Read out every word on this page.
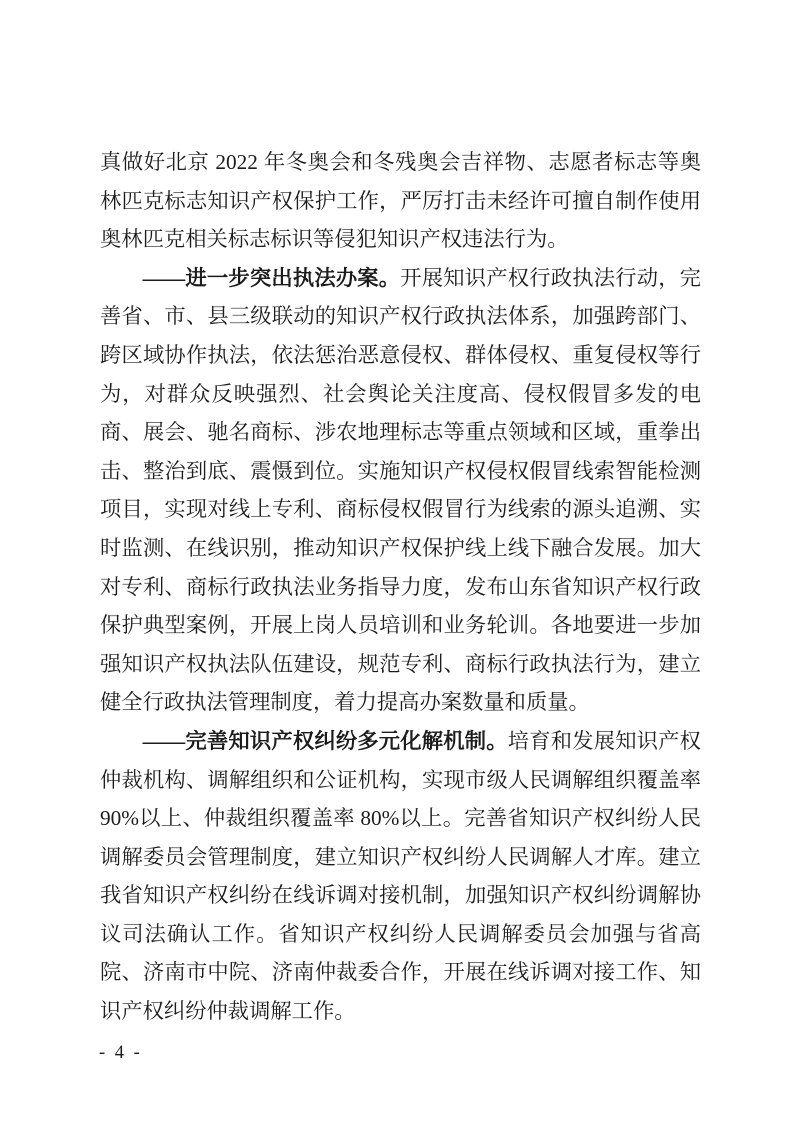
真做好北京 2022 年冬奥会和冬残奥会吉祥物、志愿者标志等奥林匹克标志知识产权保护工作，严厉打击未经许可擅自制作使用奥林匹克相关标志标识等侵犯知识产权违法行为。

——进一步突出执法办案。开展知识产权行政执法行动，完善省、市、县三级联动的知识产权行政执法体系，加强跨部门、跨区域协作执法，依法惩治恶意侵权、群体侵权、重复侵权等行为，对群众反映强烈、社会舆论关注度高、侵权假冒多发的电商、展会、驰名商标、涉农地理标志等重点领域和区域，重拳出击、整治到底、震慑到位。实施知识产权侵权假冒线索智能检测项目，实现对线上专利、商标侵权假冒行为线索的源头追溯、实时监测、在线识别，推动知识产权保护线上线下融合发展。加大对专利、商标行政执法业务指导力度，发布山东省知识产权行政保护典型案例，开展上岗人员培训和业务轮训。各地要进一步加强知识产权执法队伍建设，规范专利、商标行政执法行为，建立健全行政执法管理制度，着力提高办案数量和质量。

——完善知识产权纠纷多元化解机制。培育和发展知识产权仲裁机构、调解组织和公证机构，实现市级人民调解组织覆盖率 90%以上、仲裁组织覆盖率 80%以上。完善省知识产权纠纷人民调解委员会管理制度，建立知识产权纠纷人民调解人才库。建立我省知识产权纠纷在线诉调对接机制，加强知识产权纠纷调解协议司法确认工作。省知识产权纠纷人民调解委员会加强与省高院、济南市中院、济南仲裁委合作，开展在线诉调对接工作、知识产权纠纷仲裁调解工作。

- 4 -
